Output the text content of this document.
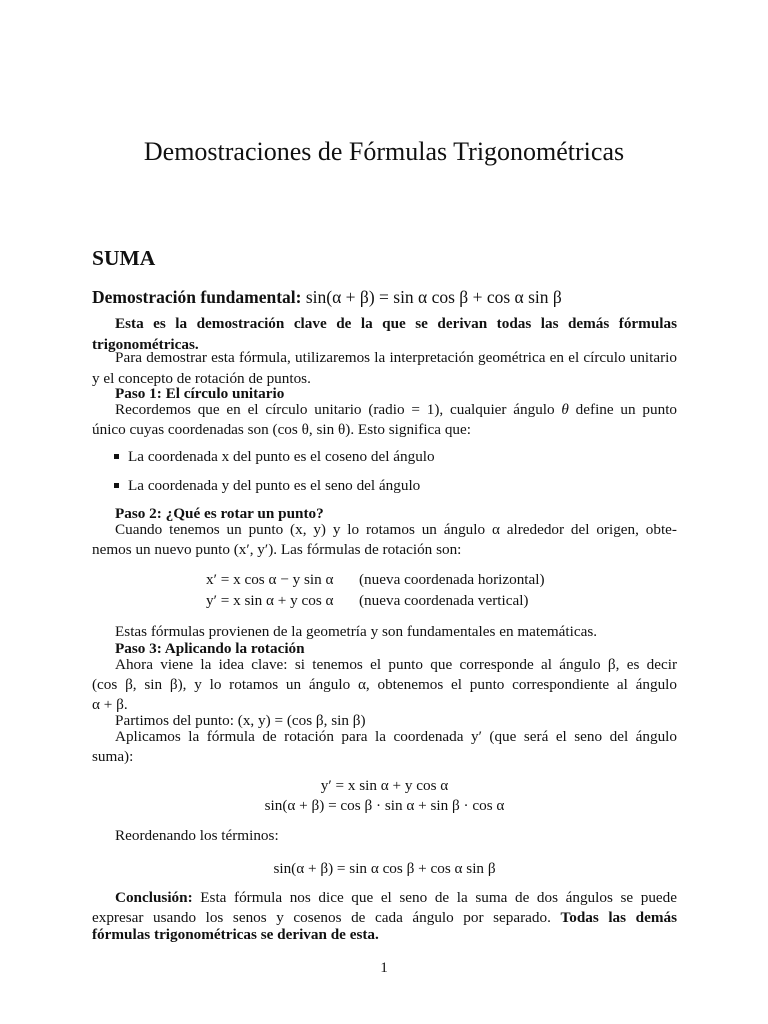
Demostraciones de Fórmulas Trigonométricas
SUMA
Demostración fundamental: sin(α + β) = sin α cos β + cos α sin β
Esta es la demostración clave de la que se derivan todas las demás fórmulas trigonométricas.
Para demostrar esta fórmula, utilizaremos la interpretación geométrica en el círculo unitario y el concepto de rotación de puntos.
Paso 1: El círculo unitario
Recordemos que en el círculo unitario (radio = 1), cualquier ángulo θ define un punto
único cuyas coordenadas son (cos θ, sin θ). Esto significa que:
La coordenada x del punto es el coseno del ángulo
La coordenada y del punto es el seno del ángulo
Paso 2: ¿Qué es rotar un punto?
Cuando tenemos un punto (x, y) y lo rotamos un ángulo α alrededor del origen, obte-
nemos un nuevo punto (x′, y′). Las fórmulas de rotación son:
x′ = x cos α − y sin α (nueva coordenada horizontal)
y′ = x sin α + y cos α (nueva coordenada vertical)
Estas fórmulas provienen de la geometría y son fundamentales en matemáticas.
Paso 3: Aplicando la rotación
Ahora viene la idea clave: si tenemos el punto que corresponde al ángulo β, es decir
(cos β, sin β), y lo rotamos un ángulo α, obtenemos el punto correspondiente al ángulo
α + β.
Partimos del punto: (x, y) = (cos β, sin β)
Aplicamos la fórmula de rotación para la coordenada y′ (que será el seno del ángulo
suma):
y′ = x sin α + y cos α
sin(α + β) = cos β · sin α + sin β · cos α
Reordenando los términos:
sin(α + β) = sin α cos β + cos α sin β
Conclusión: Esta fórmula nos dice que el seno de la suma de dos ángulos se puede
expresar usando los senos y cosenos de cada ángulo por separado. Todas las demás
fórmulas trigonométricas se derivan de esta.
1
